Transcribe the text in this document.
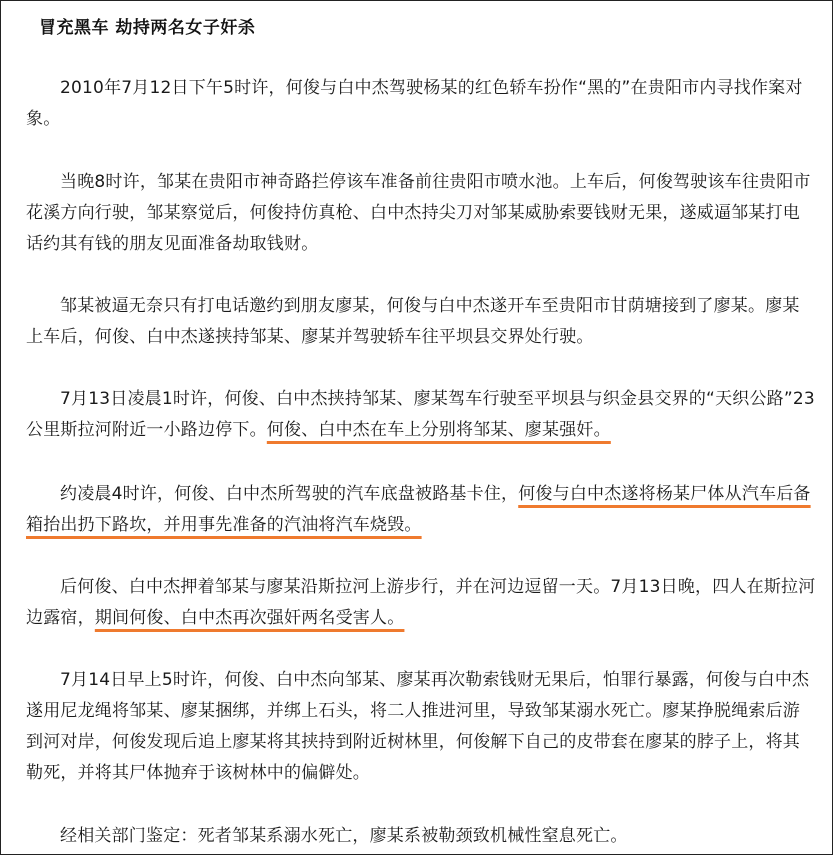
冒充黑车 劫持两名女子奸杀

2010年7月12日下午5时许，何俊与白中杰驾驶杨某的红色轿车扮作“黑的”在贵阳市内寻找作案对象。

当晚8时许，邹某在贵阳市神奇路拦停该车准备前往贵阳市喷水池。上车后，何俊驾驶该车往贵阳市花溪方向行驶，邹某察觉后，何俊持仿真枪、白中杰持尖刀对邹某威胁索要钱财无果，遂威逼邹某打电话约其有钱的朋友见面准备劫取钱财。

邹某被逼无奈只有打电话邀约到朋友廖某，何俊与白中杰遂开车至贵阳市甘荫塘接到了廖某。廖某上车后，何俊、白中杰遂挟持邹某、廖某并驾驶轿车往平坝县交界处行驶。

7月13日凌晨1时许，何俊、白中杰挟持邹某、廖某驾车行驶至平坝县与织金县交界的“天织公路”23公里斯拉河附近一小路边停下。何俊、白中杰在车上分别将邹某、廖某强奸。

约凌晨4时许，何俊、白中杰所驾驶的汽车底盘被路基卡住，何俊与白中杰遂将杨某尸体从汽车后备箱抬出扔下路坎，并用事先准备的汽油将汽车烧毁。

后何俊、白中杰押着邹某与廖某沿斯拉河上游步行，并在河边逗留一天。7月13日晚，四人在斯拉河边露宿，期间何俊、白中杰再次强奸两名受害人。

7月14日早上5时许，何俊、白中杰向邹某、廖某再次勒索钱财无果后，怕罪行暴露，何俊与白中杰遂用尼龙绳将邹某、廖某捆绑，并绑上石头，将二人推进河里，导致邹某溺水死亡。廖某挣脱绳索后游到河对岸，何俊发现后追上廖某将其挟持到附近树林里，何俊解下自己的皮带套在廖某的脖子上，将其勒死，并将其尸体抛弃于该树林中的偏僻处。

经相关部门鉴定：死者邹某系溺水死亡，廖某系被勒颈致机械性窒息死亡。
